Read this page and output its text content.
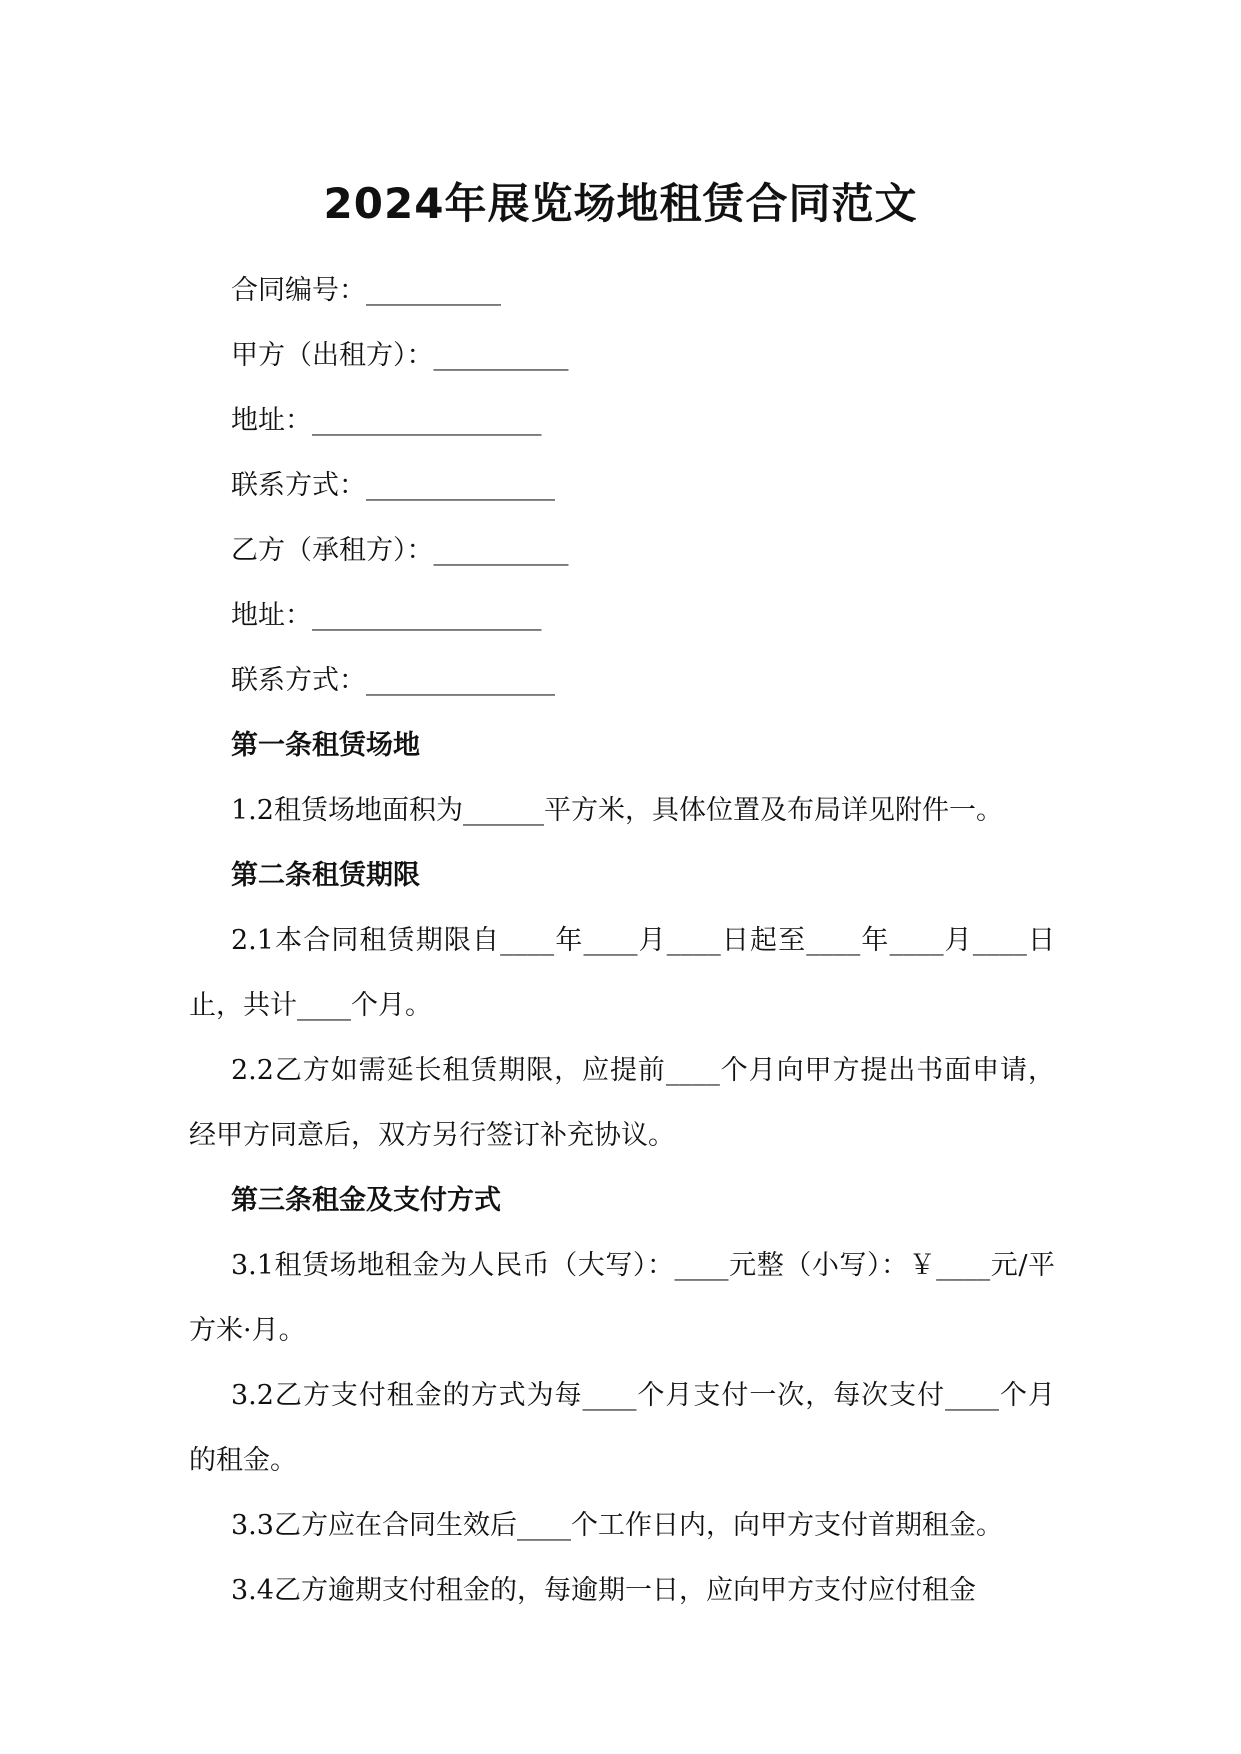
2024年展览场地租赁合同范文

合同编号：__________

甲方（出租方）：__________

地址：_________________

联系方式：______________

乙方（承租方）：__________

地址：_________________

联系方式：______________

第一条租赁场地

1.2租赁场地面积为______平方米，具体位置及布局详见附件一。

第二条租赁期限

2.1本合同租赁期限自____年____月____日起至____年____月____日止，共计____个月。

2.2乙方如需延长租赁期限，应提前____个月向甲方提出书面申请，经甲方同意后，双方另行签订补充协议。

第三条租金及支付方式

3.1租赁场地租金为人民币（大写）：____元整（小写）：￥____元/平方米·月。

3.2乙方支付租金的方式为每____个月支付一次，每次支付____个月的租金。

3.3乙方应在合同生效后____个工作日内，向甲方支付首期租金。

3.4乙方逾期支付租金的，每逾期一日，应向甲方支付应付租金
